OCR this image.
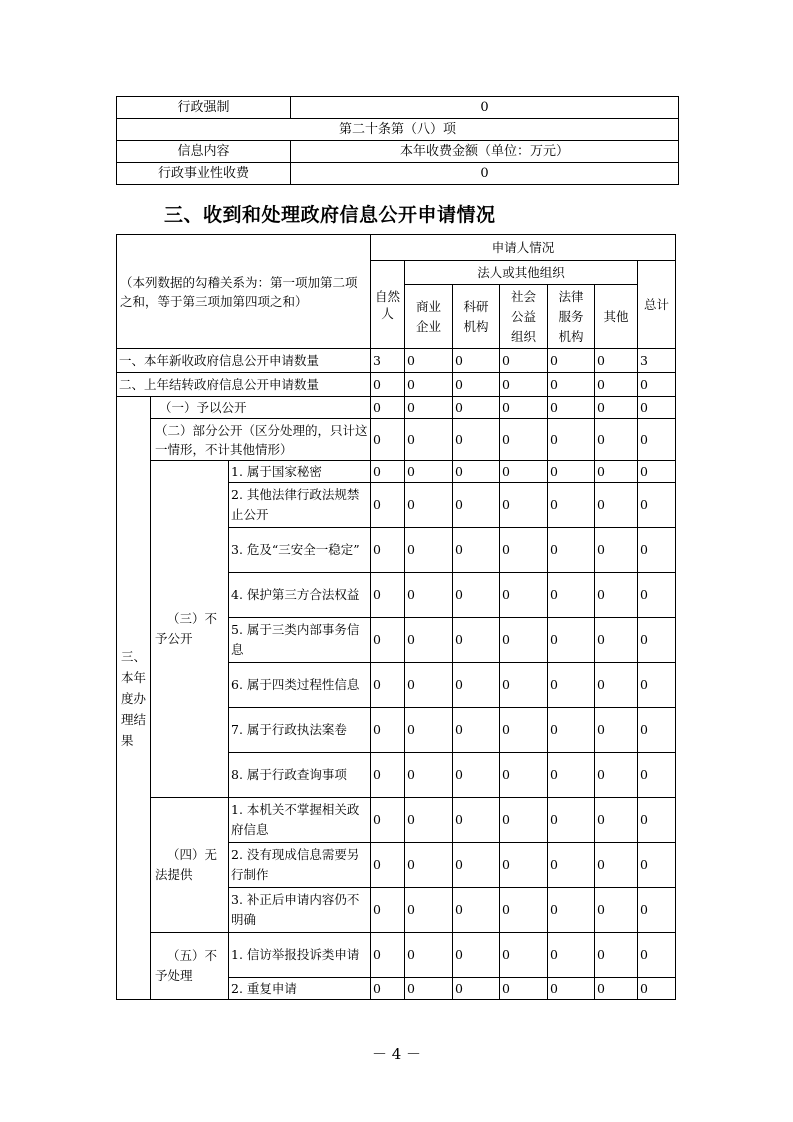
行政强制	0
第二十条第（八）项	
信息内容	本年收费金额（单位：万元）
行政事业性收费	0
三、收到和处理政府信息公开申请情况
（本列数据的勾稽关系为：第一项加第二项之和，等于第三项加第四项之和）			申请人情况						
			自然人	法人或其他组织					总计
				商业企业	科研机构	社会公益组织	法律服务机构	其他	
一、本年新收政府信息公开申请数量			3	0	0	0	0	0	3
二、上年结转政府信息公开申请数量			0	0	0	0	0	0	0
三、本年度办理结果	（一）予以公开		0	0	0	0	0	0	0
	（二）部分公开（区分处理的，只计这一情形，不计其他情形）		0	0	0	0	0	0	0
	（三）不予公开	1. 属于国家秘密	0	0	0	0	0	0	0
		2. 其他法律行政法规禁止公开	0	0	0	0	0	0	0
		3. 危及“三安全一稳定”	0	0	0	0	0	0	0
		4. 保护第三方合法权益	0	0	0	0	0	0	0
		5. 属于三类内部事务信息	0	0	0	0	0	0	0
		6. 属于四类过程性信息	0	0	0	0	0	0	0
		7. 属于行政执法案卷	0	0	0	0	0	0	0
		8. 属于行政查询事项	0	0	0	0	0	0	0
	（四）无法提供	1. 本机关不掌握相关政府信息	0	0	0	0	0	0	0
		2. 没有现成信息需要另行制作	0	0	0	0	0	0	0
		3. 补正后申请内容仍不明确	0	0	0	0	0	0	0
	（五）不予处理	1. 信访举报投诉类申请	0	0	0	0	0	0	0
		2. 重复申请	0	0	0	0	0	0	0
－ 4 －
